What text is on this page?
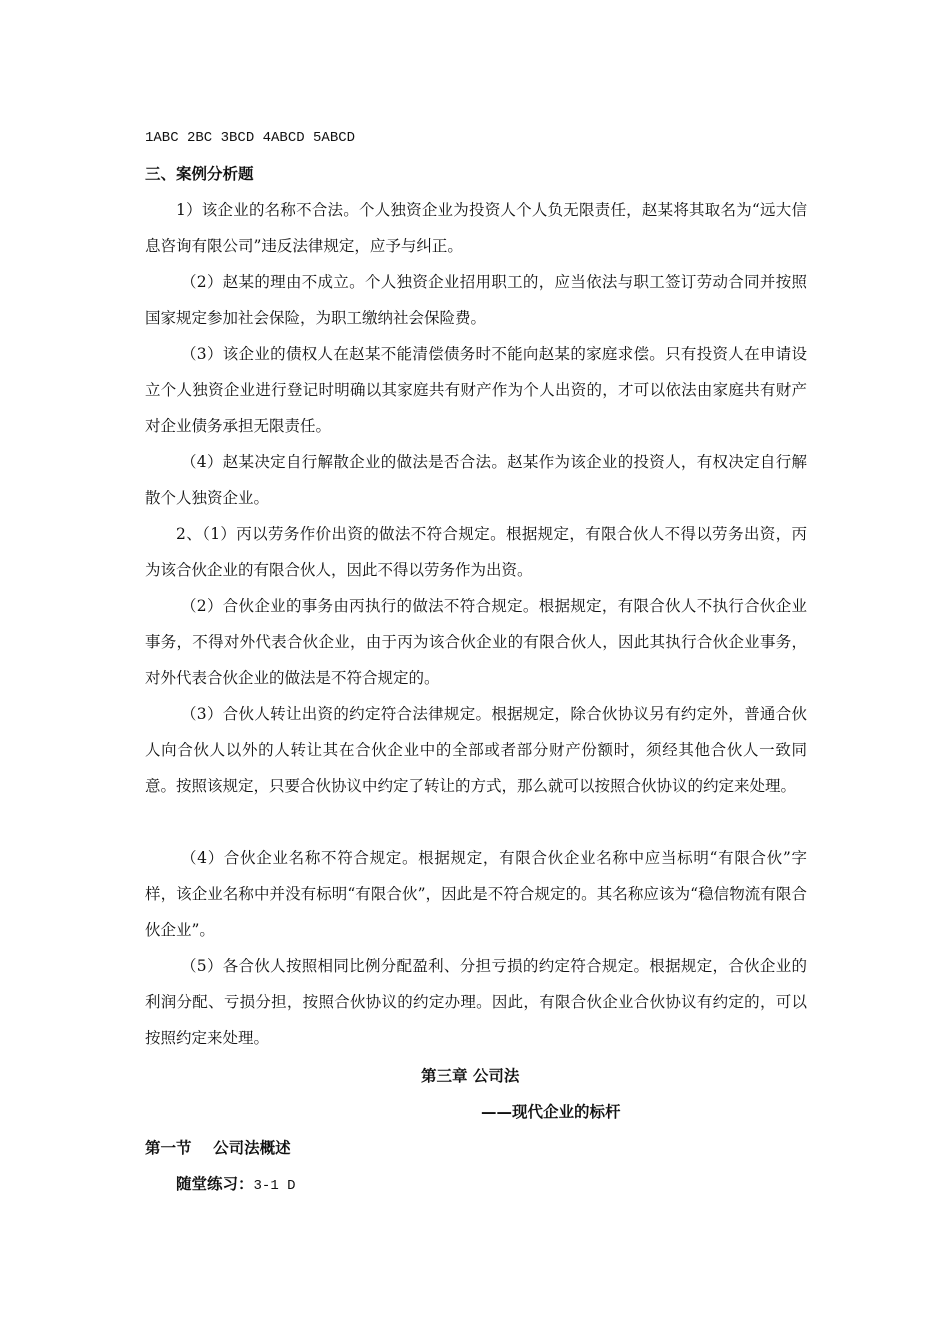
1ABC 2BC 3BCD 4ABCD 5ABCD

三、案例分析题

1）该企业的名称不合法。个人独资企业为投资人个人负无限责任，赵某将其取名为“远大信息咨询有限公司”违反法律规定，应予与纠正。

（2）赵某的理由不成立。个人独资企业招用职工的，应当依法与职工签订劳动合同并按照国家规定参加社会保险，为职工缴纳社会保险费。

（3）该企业的债权人在赵某不能清偿债务时不能向赵某的家庭求偿。只有投资人在申请设立个人独资企业进行登记时明确以其家庭共有财产作为个人出资的，才可以依法由家庭共有财产对企业债务承担无限责任。

（4）赵某决定自行解散企业的做法是否合法。赵某作为该企业的投资人，有权决定自行解散个人独资企业。

2、（1）丙以劳务作价出资的做法不符合规定。根据规定，有限合伙人不得以劳务出资，丙为该合伙企业的有限合伙人，因此不得以劳务作为出资。

（2）合伙企业的事务由丙执行的做法不符合规定。根据规定，有限合伙人不执行合伙企业事务，不得对外代表合伙企业，由于丙为该合伙企业的有限合伙人，因此其执行合伙企业事务，对外代表合伙企业的做法是不符合规定的。

（3）合伙人转让出资的约定符合法律规定。根据规定，除合伙协议另有约定外，普通合伙人向合伙人以外的人转让其在合伙企业中的全部或者部分财产份额时，须经其他合伙人一致同意。按照该规定，只要合伙协议中约定了转让的方式，那么就可以按照合伙协议的约定来处理。

（4）合伙企业名称不符合规定。根据规定，有限合伙企业名称中应当标明“有限合伙”字样，该企业名称中并没有标明“有限合伙”，因此是不符合规定的。其名称应该为“稳信物流有限合伙企业”。

（5）各合伙人按照相同比例分配盈利、分担亏损的约定符合规定。根据规定，合伙企业的利润分配、亏损分担，按照合伙协议的约定办理。因此，有限合伙企业合伙协议有约定的，可以按照约定来处理。

第三章 公司法

——现代企业的标杆

第一节    公司法概述

随堂练习：3-1 D
